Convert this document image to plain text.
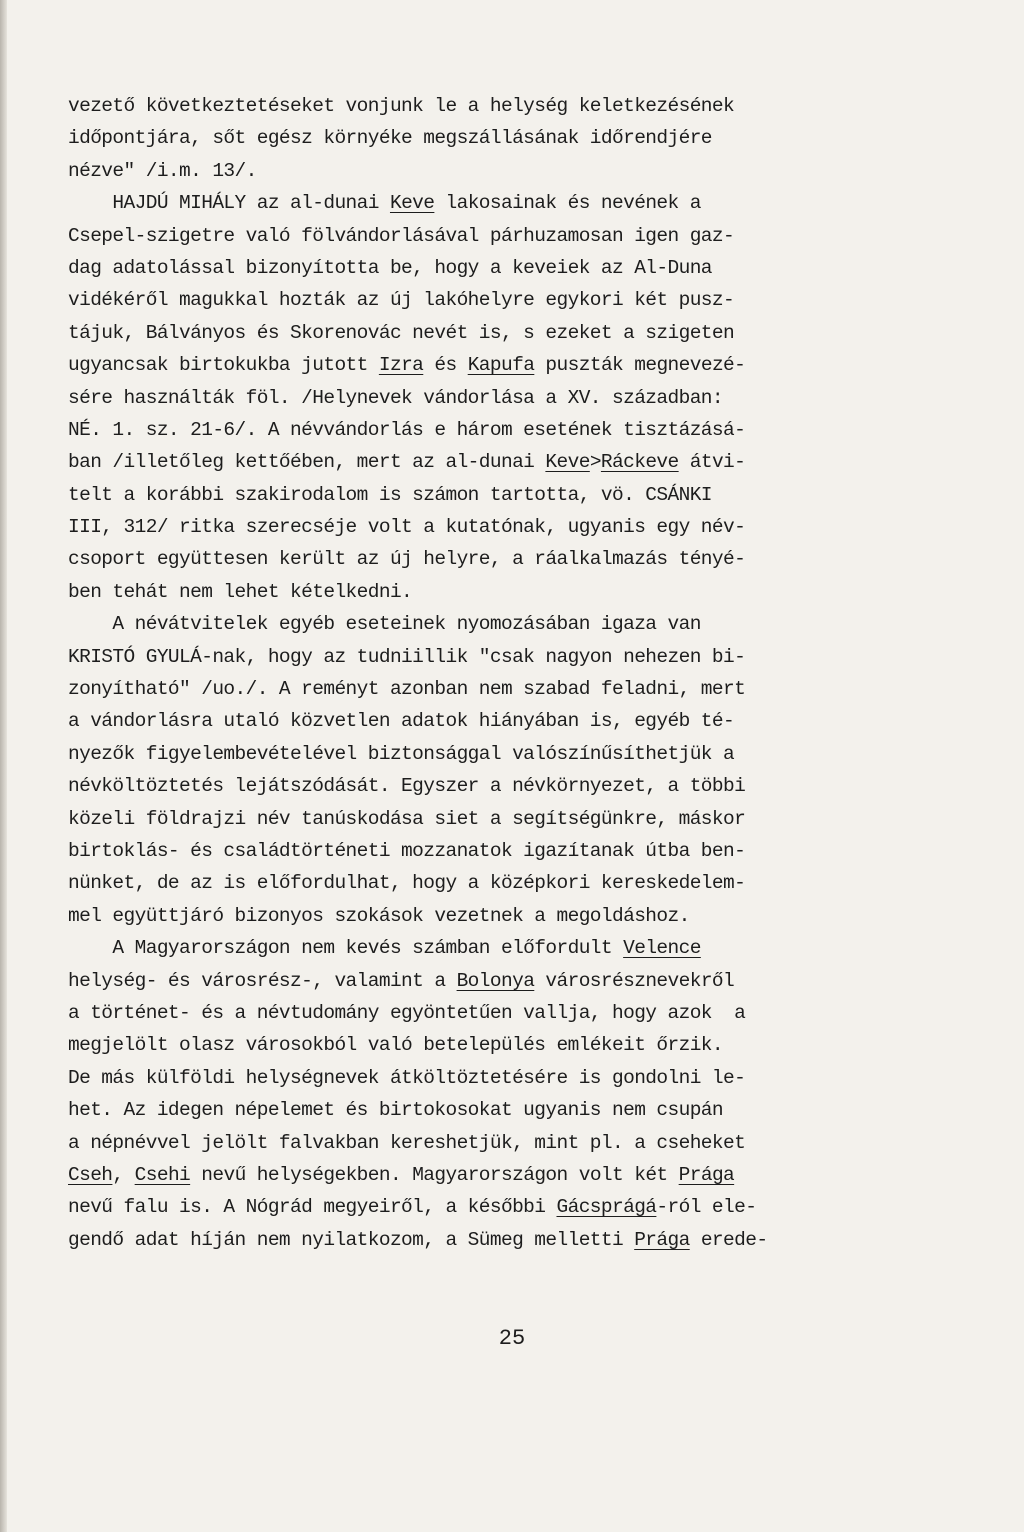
vezető következtetéseket vonjunk le a helység keletkezésének
időpontjára, sőt egész környéke megszállásának időrendjére
nézve" /i.m. 13/.
HAJDÚ MIHÁLY az al-dunai Keve lakosainak és nevének a
Csepel-szigetre való fölvándorlásával párhuzamosan igen gaz-
dag adatolással bizonyította be, hogy a keveiek az Al-Duna
vidékéről magukkal hozták az új lakóhelyre egykori két pusz-
tájuk, Bálványos és Skorenovác nevét is, s ezeket a szigeten
ugyancsak birtokukba jutott Izra és Kapufa puszták megnevezé-
sére használták föl. /Helynevek vándorlása a XV. században:
NÉ. 1. sz. 21-6/. A névvándorlás e három esetének tisztázásá-
ban /illetőleg kettőében, mert az al-dunai Keve>Ráckeve átvi-
telt a korábbi szakirodalom is számon tartotta, vö. CSÁNKI
III, 312/ ritka szerecséje volt a kutatónak, ugyanis egy név-
csoport együttesen került az új helyre, a ráalkalmazás tényé-
ben tehát nem lehet kételkedni.
A névátvitelek egyéb eseteinek nyomozásában igaza van
KRISTÓ GYULÁ-nak, hogy az tudniillik "csak nagyon nehezen bi-
zonyítható" /uo./. A reményt azonban nem szabad feladni, mert
a vándorlásra utaló közvetlen adatok hiányában is, egyéb té-
nyezők figyelembevételével biztonsággal valószínűsíthetjük a
névköltöztetés lejátszódását. Egyszer a névkörnyezet, a többi
közeli földrajzi név tanúskodása siet a segítségünkre, máskor
birtoklás- és családtörténeti mozzanatok igazítanak útba ben-
nünket, de az is előfordulhat, hogy a középkori kereskedelem-
mel együttjáró bizonyos szokások vezetnek a megoldáshoz.
A Magyarországon nem kevés számban előfordult Velence
helység- és városrész-, valamint a Bolonya városrésznevekről
a történet- és a névtudomány egyöntetűen vallja, hogy azok  a
megjelölt olasz városokból való betelepülés emlékeit őrzik.
De más külföldi helységnevek átköltöztetésére is gondolni le-
het. Az idegen népelemet és birtokosokat ugyanis nem csupán
a népnévvel jelölt falvakban kereshetjük, mint pl. a cseheket
Cseh, Csehi nevű helységekben. Magyarországon volt két Prága
nevű falu is. A Nógrád megyeiről, a későbbi Gácsprágá-ról ele-
gendő adat híján nem nyilatkozom, a Sümeg melletti Prága erede-
25
